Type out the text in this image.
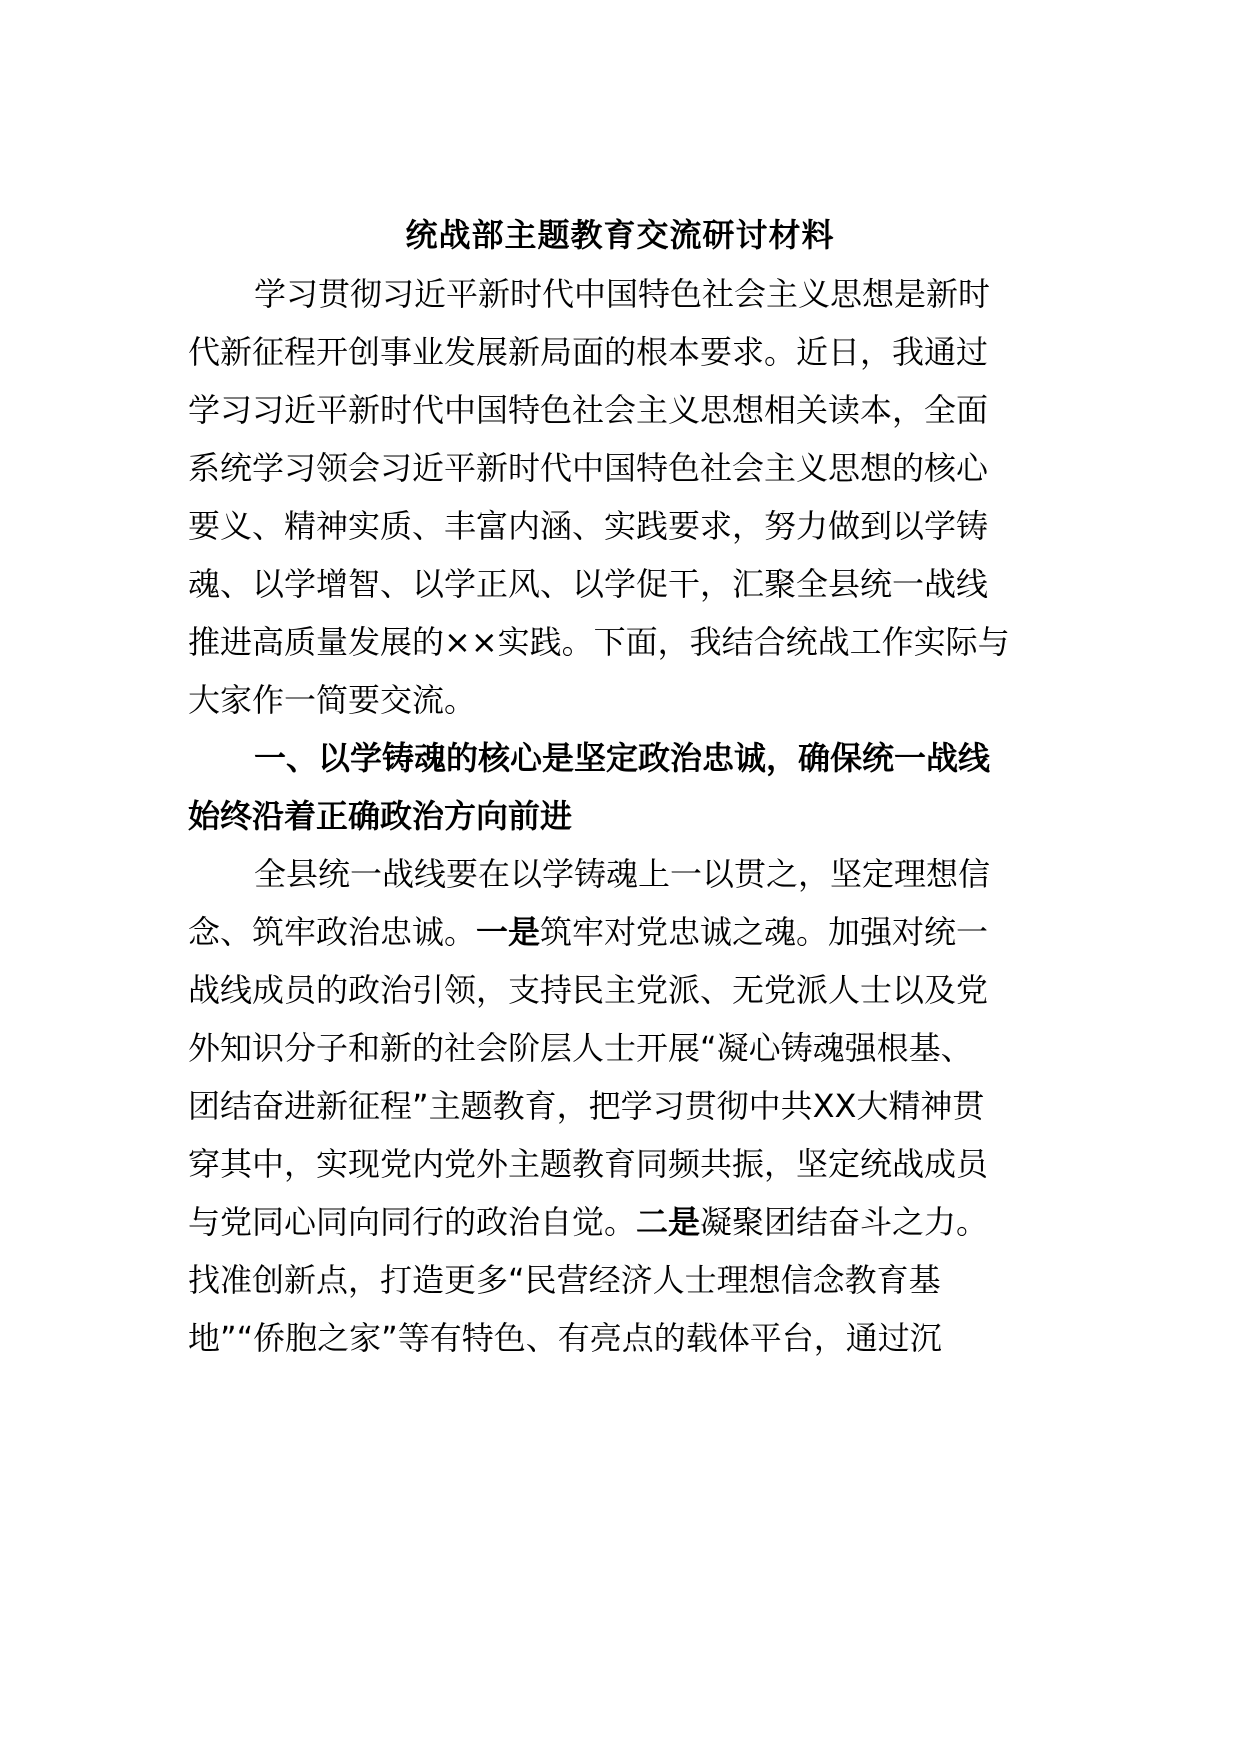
统战部主题教育交流研讨材料
学习贯彻习近平新时代中国特色社会主义思想是新时
代新征程开创事业发展新局面的根本要求。近日，我通过
学习习近平新时代中国特色社会主义思想相关读本，全面
系统学习领会习近平新时代中国特色社会主义思想的核心
要义、精神实质、丰富内涵、实践要求，努力做到以学铸
魂、以学增智、以学正风、以学促干，汇聚全县统一战线
推进高质量发展的××实践。下面，我结合统战工作实际与
大家作一简要交流。
一、以学铸魂的核心是坚定政治忠诚，确保统一战线
始终沿着正确政治方向前进
全县统一战线要在以学铸魂上一以贯之，坚定理想信
念、筑牢政治忠诚。一是筑牢对党忠诚之魂。加强对统一
战线成员的政治引领，支持民主党派、无党派人士以及党
外知识分子和新的社会阶层人士开展“凝心铸魂强根基、
团结奋进新征程”主题教育，把学习贯彻中共XX大精神贯
穿其中，实现党内党外主题教育同频共振，坚定统战成员
与党同心同向同行的政治自觉。二是凝聚团结奋斗之力。
找准创新点，打造更多“民营经济人士理想信念教育基
地”“侨胞之家”等有特色、有亮点的载体平台，通过沉
